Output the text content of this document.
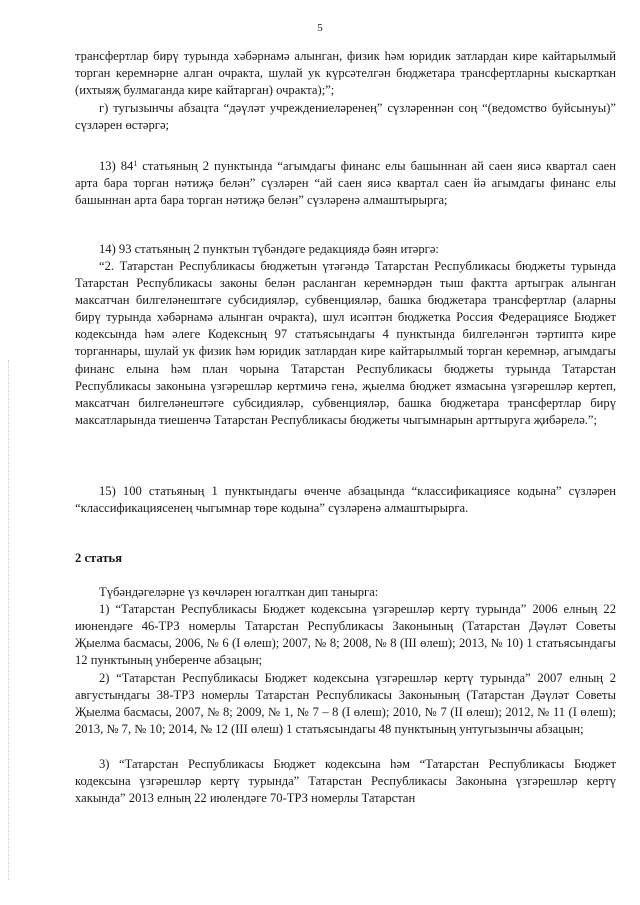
5

трансфертлар бирү турында хәбәрнамә алынган, физик һәм юридик затлардан кире кайтарылмый торган керемнәрне алган очракта, шулай ук күрсәтелгән бюджетара трансфертларны кыскарткан (ихтыяҗ булмаганда кире кайтарган) очракта);”;

г) тугызынчы абзацта “дәүләт учреждениеләренең” сүзләреннән соң “(ведомство буйсынуы)” сүзләрен өстәргә;

13) $84^1$ статьяның 2 пунктында “агымдагы финанс елы башыннан ай саен яисә квартал саен арта бара торган нәтиҗә белән” сүзләрен “ай саен яисә квартал саен йә агымдагы финанс елы башыннан арта бара торган нәтиҗә белән” сүзләренә алмаштырырга;

14) 93 статьяның 2 пунктын түбәндәге редакциядә бәян итәргә:

“2. Татарстан Республикасы бюджетын үтәгәндә Татарстан Республикасы бюджеты турында Татарстан Республикасы законы белән расланган керемнәрдән тыш фактта артыграк алынган максатчан билгеләнештәге субсидияләр, субвенцияләр, башка бюджетара трансфертлар (аларны бирү турында хәбәрнамә алынган очракта), шул исәптән бюджетка Россия Федерациясе Бюджет кодексында һәм әлеге Кодексның 97 статьясындагы 4 пунктында билгеләнгән тәртиптә кире торганнары, шулай ук физик һәм юридик затлардан кире кайтарылмый торган керемнәр, агымдагы финанс елына һәм план чорына Татарстан Республикасы бюджеты турында Татарстан Республикасы законына үзгәрешләр кертмичә генә, җыелма бюджет язмасына үзгәрешләр кертеп, максатчан билгеләнештәге субсидияләр, субвенцияләр, башка бюджетара трансфертлар бирү максатларында тиешенчә Татарстан Республикасы бюджеты чыгымнарын арттыруга җибәрелә.”;

15) 100 статьяның 1 пунктындагы өченче абзацында “классификациясе кодына” сүзләрен “классификациясенең чыгымнар төре кодына” сүзләренә алмаштырырга.

2 статья

Түбәндәгеләрне үз көчләрен югалткан дип танырга:

1) “Татарстан Республикасы Бюджет кодексына үзгәрешләр кертү турында” 2006 елның 22 июнендәге 46-ТРЗ номерлы Татарстан Республикасы Законының (Татарстан Дәүләт Советы Җыелма басмасы, 2006, № 6 (I өлеш); 2007, № 8; 2008, № 8 (III өлеш); 2013, № 10) 1 статьясындагы 12 пунктының унберенче абзацын;

2) “Татарстан Республикасы Бюджет кодексына үзгәрешләр кертү турында” 2007 елның 2 августындагы 38-ТРЗ номерлы Татарстан Республикасы Законының (Татарстан Дәүләт Советы Җыелма басмасы, 2007, № 8; 2009, № 1, № 7 – 8 (I өлеш); 2010, № 7 (II өлеш); 2012, № 11 (I өлеш); 2013, № 7, № 10; 2014, № 12 (III өлеш) 1 статьясындагы 48 пунктының унтугызынчы абзацын;

3) “Татарстан Республикасы Бюджет кодексына һәм “Татарстан Республикасы Бюджет кодексына үзгәрешләр кертү турында” Татарстан Республикасы Законына үзгәрешләр кертү хакында” 2013 елның 22 июлендәге 70-ТРЗ номерлы Татарстан
